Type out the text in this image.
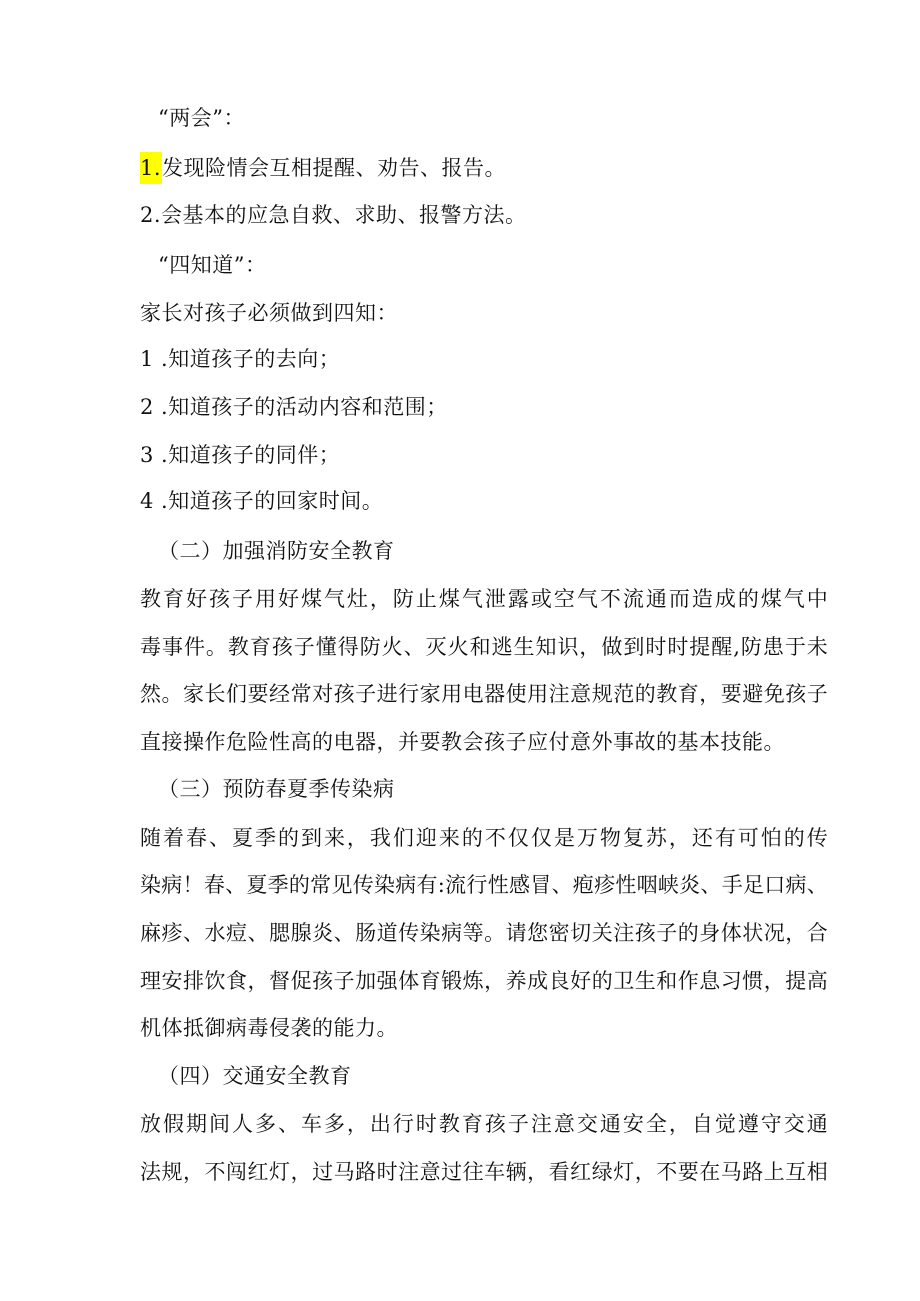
“两会”：
1.发现险情会互相提醒、劝告、报告。
2.会基本的应急自救、求助、报警方法。
“四知道”：
家长对孩子必须做到四知：
1 .知道孩子的去向；
2 .知道孩子的活动内容和范围；
3 .知道孩子的同伴；
4 .知道孩子的回家时间。
（二）加强消防安全教育
教育好孩子用好煤气灶，防止煤气泄露或空气不流通而造成的煤气中
毒事件。教育孩子懂得防火、灭火和逃生知识，做到时时提醒,防患于未
然。家长们要经常对孩子进行家用电器使用注意规范的教育，要避免孩子
直接操作危险性高的电器，并要教会孩子应付意外事故的基本技能。
（三）预防春夏季传染病
随着春、夏季的到来，我们迎来的不仅仅是万物复苏，还有可怕的传
染病！春、夏季的常见传染病有:流行性感冒、疱疹性咽峡炎、手足口病、
麻疹、水痘、腮腺炎、肠道传染病等。请您密切关注孩子的身体状况，合
理安排饮食，督促孩子加强体育锻炼，养成良好的卫生和作息习惯，提高
机体抵御病毒侵袭的能力。
（四）交通安全教育
放假期间人多、车多，出行时教育孩子注意交通安全，自觉遵守交通
法规，不闯红灯，过马路时注意过往车辆，看红绿灯，不要在马路上互相
